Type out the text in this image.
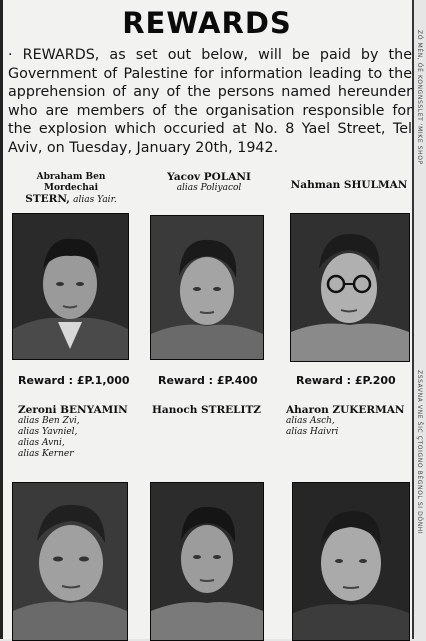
REWARDS
· REWARDS, as set out below, will be paid by the Government of Palestine for information leading to the apprehension of any of the persons named hereunder who are members of the organisation responsible for the explosion which occuried at No. 8 Yael Street, Tel Aviv, on Tuesday, January 20th, 1942.
Abraham Ben Mordechai
STERN, alias Yair.
Yacov POLANI
alias Poliyacol	Nahman SHULMAN
Reward : £P.1,000	Reward : £P.400	Reward : £P.200
Zeroni BENYAMIN
alias Ben Zvi,
alias Yavniel,
alias Avni,
alias Kerner
Hanoch STRELITZ	Aharon ZUKERMAN
alias Asch,
alias Haivri
ZÓ MÉN, ÓÉ KONGNSSLET 'MIKE SHOP
ZSSAVNA VNE ŠIC ÇTOIGNO BÉGNOL SI DÓNHI
